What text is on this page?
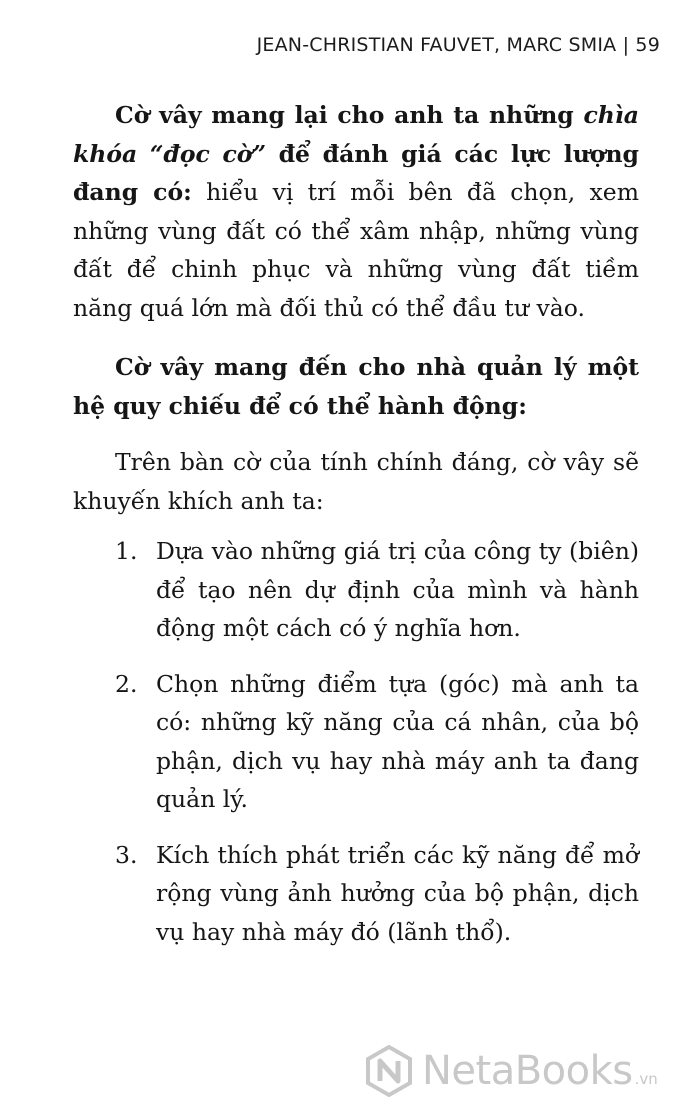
JEAN-CHRISTIAN FAUVET, MARC SMIA | 59

Cờ vây mang lại cho anh ta những chìa khóa “đọc cờ” để đánh giá các lực lượng đang có: hiểu vị trí mỗi bên đã chọn, xem những vùng đất có thể xâm nhập, những vùng đất để chinh phục và những vùng đất tiềm năng quá lớn mà đối thủ có thể đầu tư vào.

Cờ vây mang đến cho nhà quản lý một hệ quy chiếu để có thể hành động:

Trên bàn cờ của tính chính đáng, cờ vây sẽ khuyến khích anh ta:

1. Dựa vào những giá trị của công ty (biên) để tạo nên dự định của mình và hành động một cách có ý nghĩa hơn.
2. Chọn những điểm tựa (góc) mà anh ta có: những kỹ năng của cá nhân, của bộ phận, dịch vụ hay nhà máy anh ta đang quản lý.
3. Kích thích phát triển các kỹ năng để mở rộng vùng ảnh hưởng của bộ phận, dịch vụ hay nhà máy đó (lãnh thổ).
NetaBooks .vn
